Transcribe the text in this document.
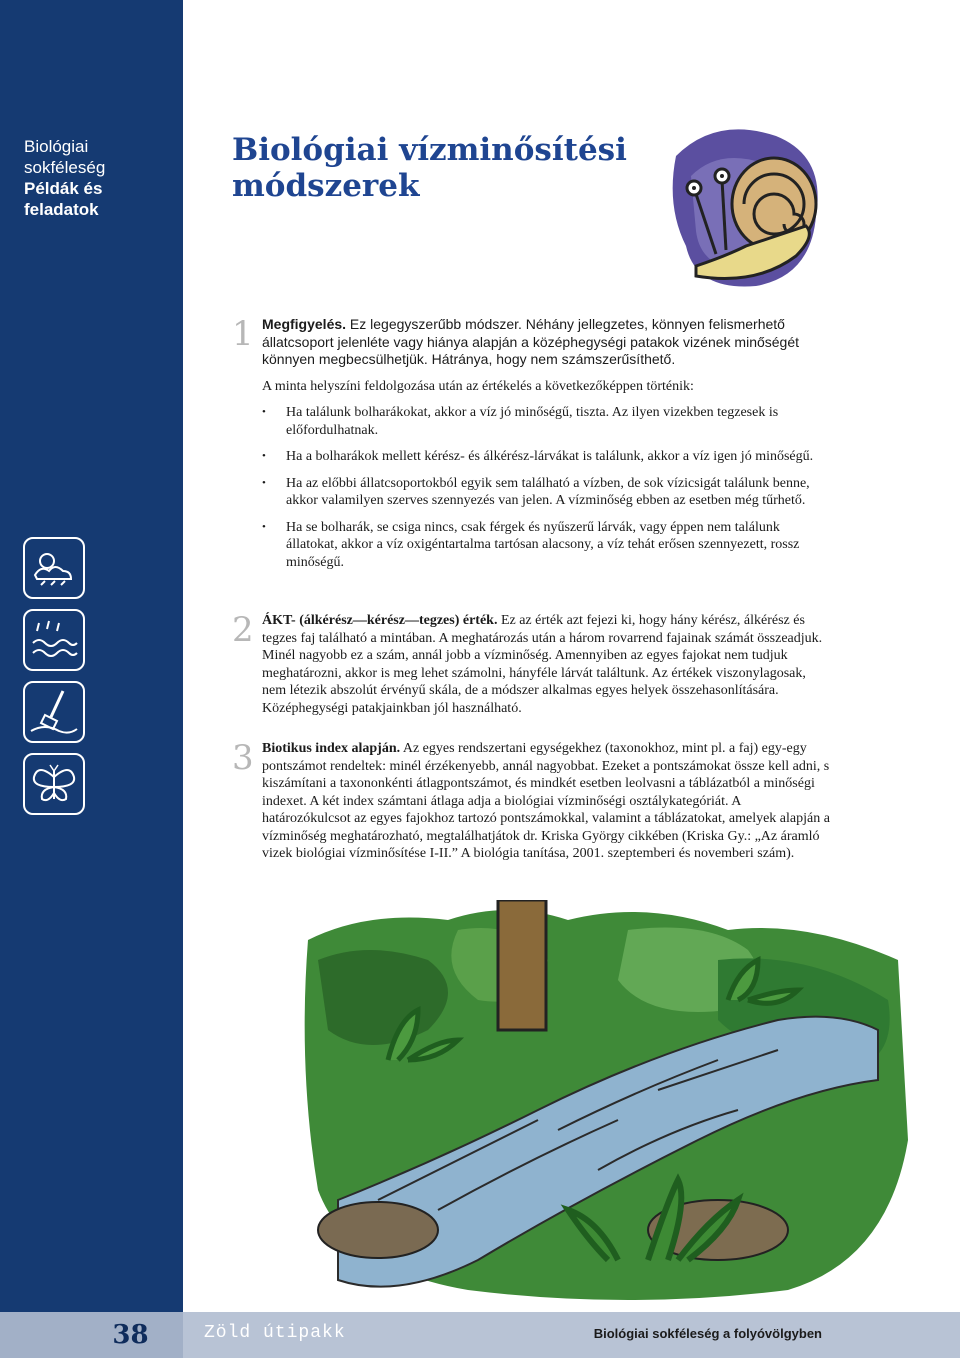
Biológiai
sokféleség
Példák és
feladatok
Biológiai vízminősítési módszerek
1 Megfigyelés. Ez legegyszerűbb módszer. Néhány jellegzetes, könnyen felismerhető állatcsoport jelenléte vagy hiánya alapján a középhegységi patakok vizének minőségét könnyen megbecsülhetjük. Hátránya, hogy nem számszerűsíthető.

A minta helyszíni feldolgozása után az értékelés a következőképpen történik:

• Ha találunk bolharákokat, akkor a víz jó minőségű, tiszta. Az ilyen vizekben tegzesek is előfordulhatnak.
• Ha a bolharákok mellett kérész- és álkérész-lárvákat is találunk, akkor a víz igen jó minőségű.
• Ha az előbbi állatcsoportokból egyik sem található a vízben, de sok vízicsigát találunk benne, akkor valamilyen szerves szennyezés van jelen. A vízminőség ebben az esetben még tűrhető.
• Ha se bolharák, se csiga nincs, csak férgek és nyűszerű lárvák, vagy éppen nem találunk állatokat, akkor a víz oxigéntartalma tartósan alacsony, a víz tehát erősen szennyezett, rossz minőségű.
2 ÁKT- (álkérész—kérész—tegzes) érték. Ez az érték azt fejezi ki, hogy hány kérész, álkérész és tegzes faj található a mintában. A meghatározás után a három rovarrend fajainak számát összeadjuk. Minél nagyobb ez a szám, annál jobb a vízminőség. Amennyiben az egyes fajokat nem tudjuk meghatározni, akkor is meg lehet számolni, hányféle lárvát találtunk. Az értékek viszonylagosak, nem létezik abszolút érvényű skála, de a módszer alkalmas egyes helyek összehasonlítására. Középhegységi patakjainkban jól használható.

3 Biotikus index alapján. Az egyes rendszertani egységekhez (taxonokhoz, mint pl. a faj) egy-egy pontszámot rendeltek: minél érzékenyebb, annál nagyobbat. Ezeket a pontszámokat össze kell adni, s kiszámítani a taxononkénti átlagpontszámot, és mindkét esetben leolvasni a táblázatból a minőségi indexet. A két index számtani átlaga adja a biológiai vízminőségi osztálykategóriát. A határozókulcsot az egyes fajokhoz tartozó pontszámokkal, valamint a táblázatokat, amelyek alapján a vízminőség meghatározható, megtalálhatjátok dr. Kriska György cikkében (Kriska Gy.: „Az áramló vizek biológiai vízminősítése I-II.” A biológia tanítása, 2001. szeptemberi és novemberi szám).

38	Zöld útipakk	Biológiai sokféleség a folyóvölgyben
